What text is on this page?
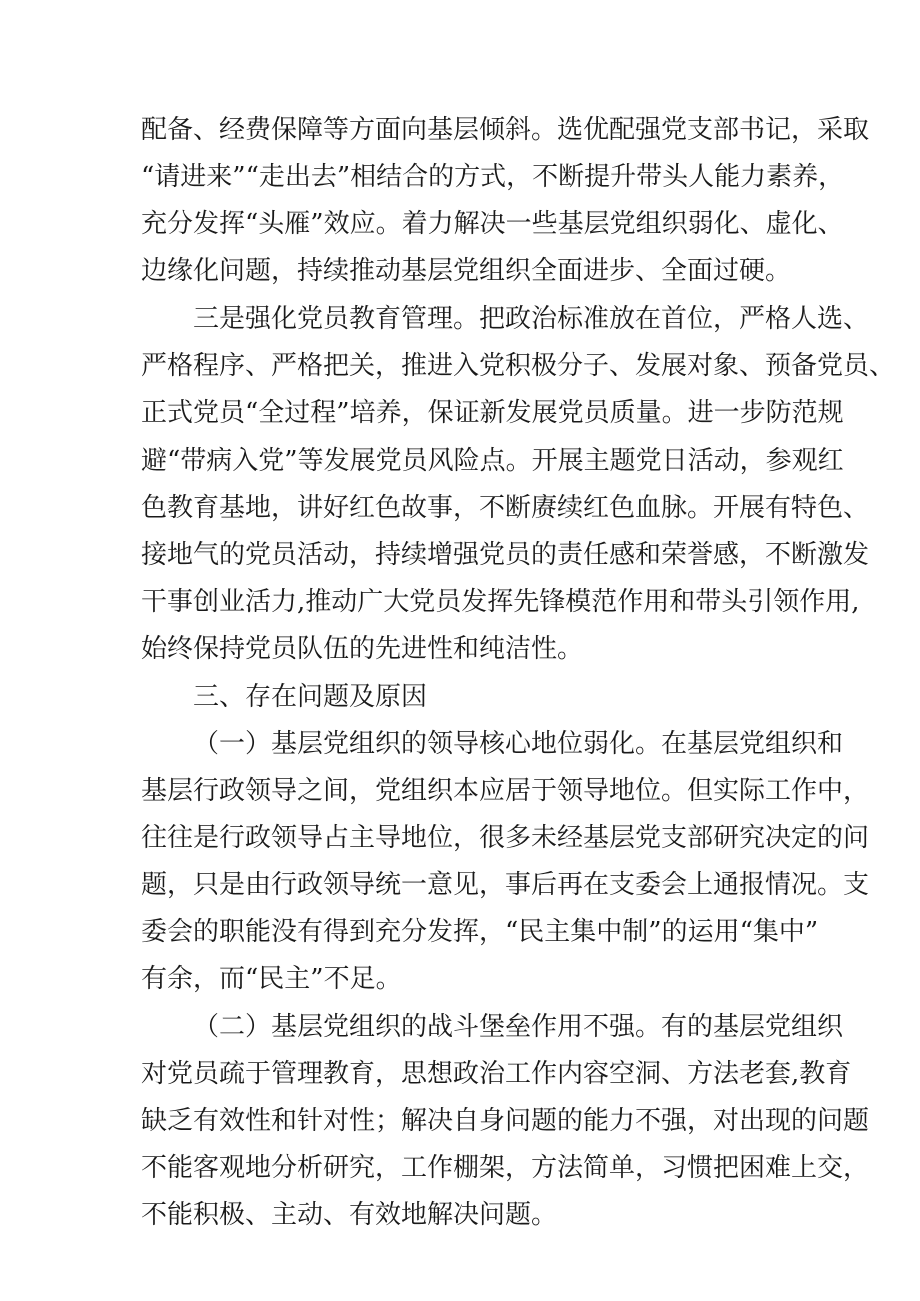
配备、经费保障等方面向基层倾斜。选优配强党支部书记，采取

“请进来”“走出去”相结合的方式，不断提升带头人能力素养，

充分发挥“头雁”效应。着力解决一些基层党组织弱化、虚化、

边缘化问题，持续推动基层党组织全面进步、全面过硬。

三是强化党员教育管理。把政治标准放在首位，严格人选、

严格程序、严格把关，推进入党积极分子、发展对象、预备党员、

正式党员“全过程”培养，保证新发展党员质量。进一步防范规

避“带病入党”等发展党员风险点。开展主题党日活动，参观红

色教育基地，讲好红色故事，不断赓续红色血脉。开展有特色、

接地气的党员活动，持续增强党员的责任感和荣誉感，不断激发

干事创业活力,推动广大党员发挥先锋模范作用和带头引领作用,

始终保持党员队伍的先进性和纯洁性。

三、存在问题及原因

（一）基层党组织的领导核心地位弱化。在基层党组织和

基层行政领导之间，党组织本应居于领导地位。但实际工作中，

往往是行政领导占主导地位，很多未经基层党支部研究决定的问

题，只是由行政领导统一意见，事后再在支委会上通报情况。支

委会的职能没有得到充分发挥，“民主集中制”的运用“集中”

有余，而“民主”不足。

（二）基层党组织的战斗堡垒作用不强。有的基层党组织

对党员疏于管理教育，思想政治工作内容空洞、方法老套,教育

缺乏有效性和针对性；解决自身问题的能力不强，对出现的问题

不能客观地分析研究，工作棚架，方法简单，习惯把困难上交，

不能积极、主动、有效地解决问题。
